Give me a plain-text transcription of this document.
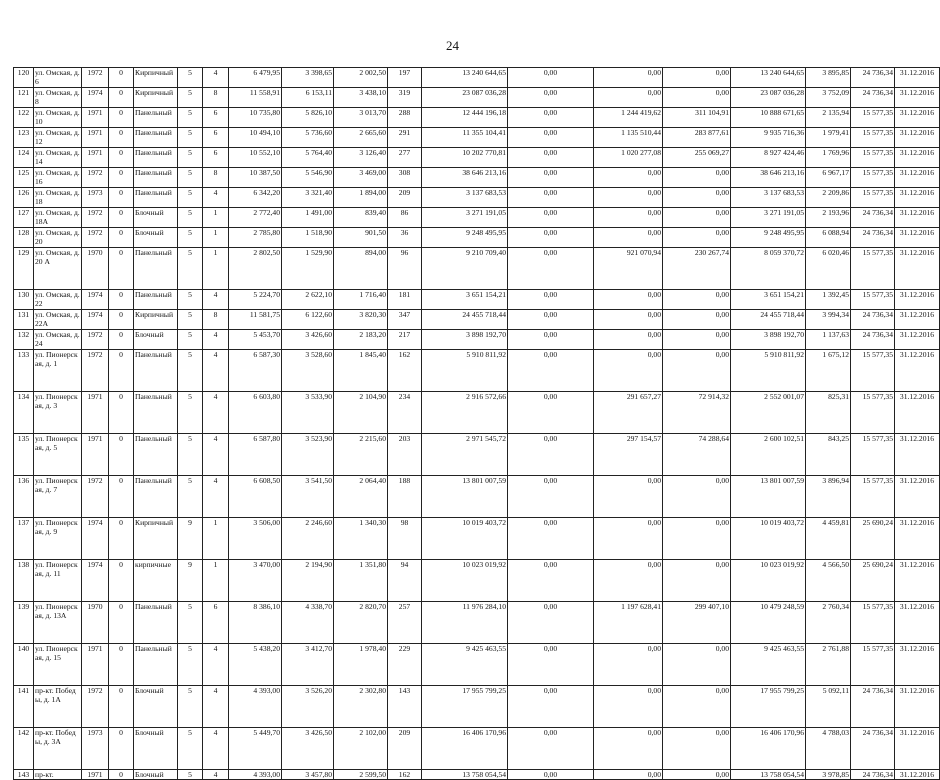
24
120	ул. Омская, д. 6	1972	0	Кирпичный	5	4	6 479,95	3 398,65	2 002,50	197	13 240 644,65	0,00	0,00	0,00	13 240 644,65	3 895,85	24 736,34	31.12.2016
121	ул. Омская, д. 8	1974	0	Кирпичный	5	8	11 558,91	6 153,11	3 438,10	319	23 087 036,28	0,00	0,00	0,00	23 087 036,28	3 752,09	24 736,34	31.12.2016
122	ул. Омская, д. 10	1971	0	Панельный	5	6	10 735,80	5 826,10	3 013,70	288	12 444 196,18	0,00	1 244 419,62	311 104,91	10 888 671,65	2 135,94	15 577,35	31.12.2016
123	ул. Омская, д. 12	1971	0	Панельный	5	6	10 494,10	5 736,60	2 665,60	291	11 355 104,41	0,00	1 135 510,44	283 877,61	9 935 716,36	1 979,41	15 577,35	31.12.2016
124	ул. Омская, д. 14	1971	0	Панельный	5	6	10 552,10	5 764,40	3 126,40	277	10 202 770,81	0,00	1 020 277,08	255 069,27	8 927 424,46	1 769,96	15 577,35	31.12.2016
125	ул. Омская, д. 16	1972	0	Панельный	5	8	10 387,50	5 546,90	3 469,00	308	38 646 213,16	0,00	0,00	0,00	38 646 213,16	6 967,17	15 577,35	31.12.2016
126	ул. Омская, д. 18	1973	0	Панельный	5	4	6 342,20	3 321,40	1 894,00	209	3 137 683,53	0,00	0,00	0,00	3 137 683,53	2 209,86	15 577,35	31.12.2016
127	ул. Омская, д. 18А	1972	0	Блочный	5	1	2 772,40	1 491,00	839,40	86	3 271 191,05	0,00	0,00	0,00	3 271 191,05	2 193,96	24 736,34	31.12.2016
128	ул. Омская, д. 20	1972	0	Блочный	5	1	2 785,80	1 518,90	901,50	36	9 248 495,95	0,00	0,00	0,00	9 248 495,95	6 088,94	24 736,34	31.12.2016
129	ул. Омская, д. 20 А	1970	0	Панельный	5	1	2 802,50	1 529,90	894,00	96	9 210 709,40	0,00	921 070,94	230 267,74	8 059 370,72	6 020,46	15 577,35	31.12.2016
130	ул. Омская, д. 22	1974	0	Панельный	5	4	5 224,70	2 622,10	1 716,40	181	3 651 154,21	0,00	0,00	0,00	3 651 154,21	1 392,45	15 577,35	31.12.2016
131	ул. Омская, д. 22А	1974	0	Кирпичный	5	8	11 581,75	6 122,60	3 820,30	347	24 455 718,44	0,00	0,00	0,00	24 455 718,44	3 994,34	24 736,34	31.12.2016
132	ул. Омская, д. 24	1972	0	Блочный	5	4	5 453,70	3 426,60	2 183,20	217	3 898 192,70	0,00	0,00	0,00	3 898 192,70	1 137,63	24 736,34	31.12.2016
133	ул. Пионерская, д. 1	1972	0	Панельный	5	4	6 587,30	3 528,60	1 845,40	162	5 910 811,92	0,00	0,00	0,00	5 910 811,92	1 675,12	15 577,35	31.12.2016
134	ул. Пионерская, д. 3	1971	0	Панельный	5	4	6 603,80	3 533,90	2 104,90	234	2 916 572,66	0,00	291 657,27	72 914,32	2 552 001,07	825,31	15 577,35	31.12.2016
135	ул. Пионерская, д. 5	1971	0	Панельный	5	4	6 587,80	3 523,90	2 215,60	203	2 971 545,72	0,00	297 154,57	74 288,64	2 600 102,51	843,25	15 577,35	31.12.2016
136	ул. Пионерская, д. 7	1972	0	Панельный	5	4	6 608,50	3 541,50	2 064,40	188	13 801 007,59	0,00	0,00	0,00	13 801 007,59	3 896,94	15 577,35	31.12.2016
137	ул. Пионерская, д. 9	1974	0	Кирпичный	9	1	3 506,00	2 246,60	1 340,30	98	10 019 403,72	0,00	0,00	0,00	10 019 403,72	4 459,81	25 690,24	31.12.2016
138	ул. Пионерская, д. 11	1974	0	кирпичные	9	1	3 470,00	2 194,90	1 351,80	94	10 023 019,92	0,00	0,00	0,00	10 023 019,92	4 566,50	25 690,24	31.12.2016
139	ул. Пионерская, д. 13А	1970	0	Панельный	5	6	8 386,10	4 338,70	2 820,70	257	11 976 284,10	0,00	1 197 628,41	299 407,10	10 479 248,59	2 760,34	15 577,35	31.12.2016
140	ул. Пионерская, д. 15	1971	0	Панельный	5	4	5 438,20	3 412,70	1 978,40	229	9 425 463,55	0,00	0,00	0,00	9 425 463,55	2 761,88	15 577,35	31.12.2016
141	пр-кт. Победы, д. 1А	1972	0	Блочный	5	4	4 393,00	3 526,20	2 302,80	143	17 955 799,25	0,00	0,00	0,00	17 955 799,25	5 092,11	24 736,34	31.12.2016
142	пр-кт. Победы, д. 3А	1973	0	Блочный	5	4	5 449,70	3 426,50	2 102,00	209	16 406 170,96	0,00	0,00	0,00	16 406 170,96	4 788,03	24 736,34	31.12.2016
143	пр-кт.	1971	0	Блочный	5	4	4 393,00	3 457,80	2 599,50	162	13 758 054,54	0,00	0,00	0,00	13 758 054,54	3 978,85	24 736,34	31.12.2016
